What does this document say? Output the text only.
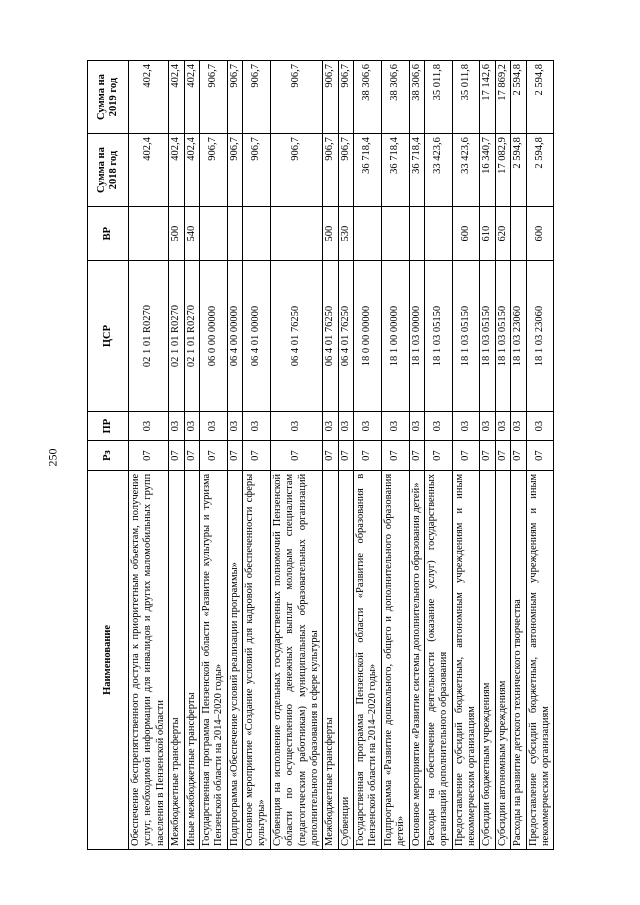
250
Наименование	Рз	ПР	ЦСР	ВР	Сумма на 2018 год	Сумма на 2019 год
Обеспечение беспрепятственного доступа к приоритетным объектам, получение услуг, необходимой информации для инвалидов и других маломобильных групп населения в Пензенской области	07	03	02 1 01 R0270		402,4	402,4
Межбюджетные трансферты	07	03	02 1 01 R0270	500	402,4	402,4
Иные межбюджетные трансферты	07	03	02 1 01 R0270	540	402,4	402,4
Государственная программа Пензенской области «Развитие культуры и туризма Пензенской области на 2014–2020 годы»	07	03	06 0 00 00000		906,7	906,7
Подпрограмма «Обеспечение условий реализации программы»	07	03	06 4 00 00000		906,7	906,7
Основное мероприятие «Создание условий для кадровой обеспеченности сферы культуры»	07	03	06 4 01 00000		906,7	906,7
Субвенция на исполнение отдельных государственных полномочий Пензенской области по осуществлению денежных выплат молодым специалистам (педагогическим работникам) муниципальных образовательных организаций дополнительного образования в сфере культуры	07	03	06 4 01 76250		906,7	906,7
Межбюджетные трансферты	07	03	06 4 01 76250	500	906,7	906,7
Субвенции	07	03	06 4 01 76250	530	906,7	906,7
Государственная программа Пензенской области «Развитие образования в Пензенской области на 2014–2020 годы»	07	03	18 0 00 00000		36 718,4	38 306,6
Подпрограмма «Развитие дошкольного, общего и дополнительного образования детей»	07	03	18 1 00 00000		36 718,4	38 306,6
Основное мероприятие «Развитие системы дополнительного образования детей»	07	03	18 1 03 00000		36 718,4	38 306,6
Расходы на обеспечение деятельности (оказание услуг) государственных организаций дополнительного образования	07	03	18 1 03 05150		33 423,6	35 011,8
Предоставление субсидий бюджетным, автономным учреждениям и иным некоммерческим организациям	07	03	18 1 03 05150	600	33 423,6	35 011,8
Субсидии бюджетным учреждениям	07	03	18 1 03 05150	610	16 340,7	17 142,6
Субсидии автономным учреждениям	07	03	18 1 03 05150	620	17 082,9	17 869,2
Расходы на развитие детского технического творчества	07	03	18 1 03 23060		2 594,8	2 594,8
Предоставление субсидий бюджетным, автономным учреждениям и иным некоммерческим организациям	07	03	18 1 03 23060	600	2 594,8	2 594,8
